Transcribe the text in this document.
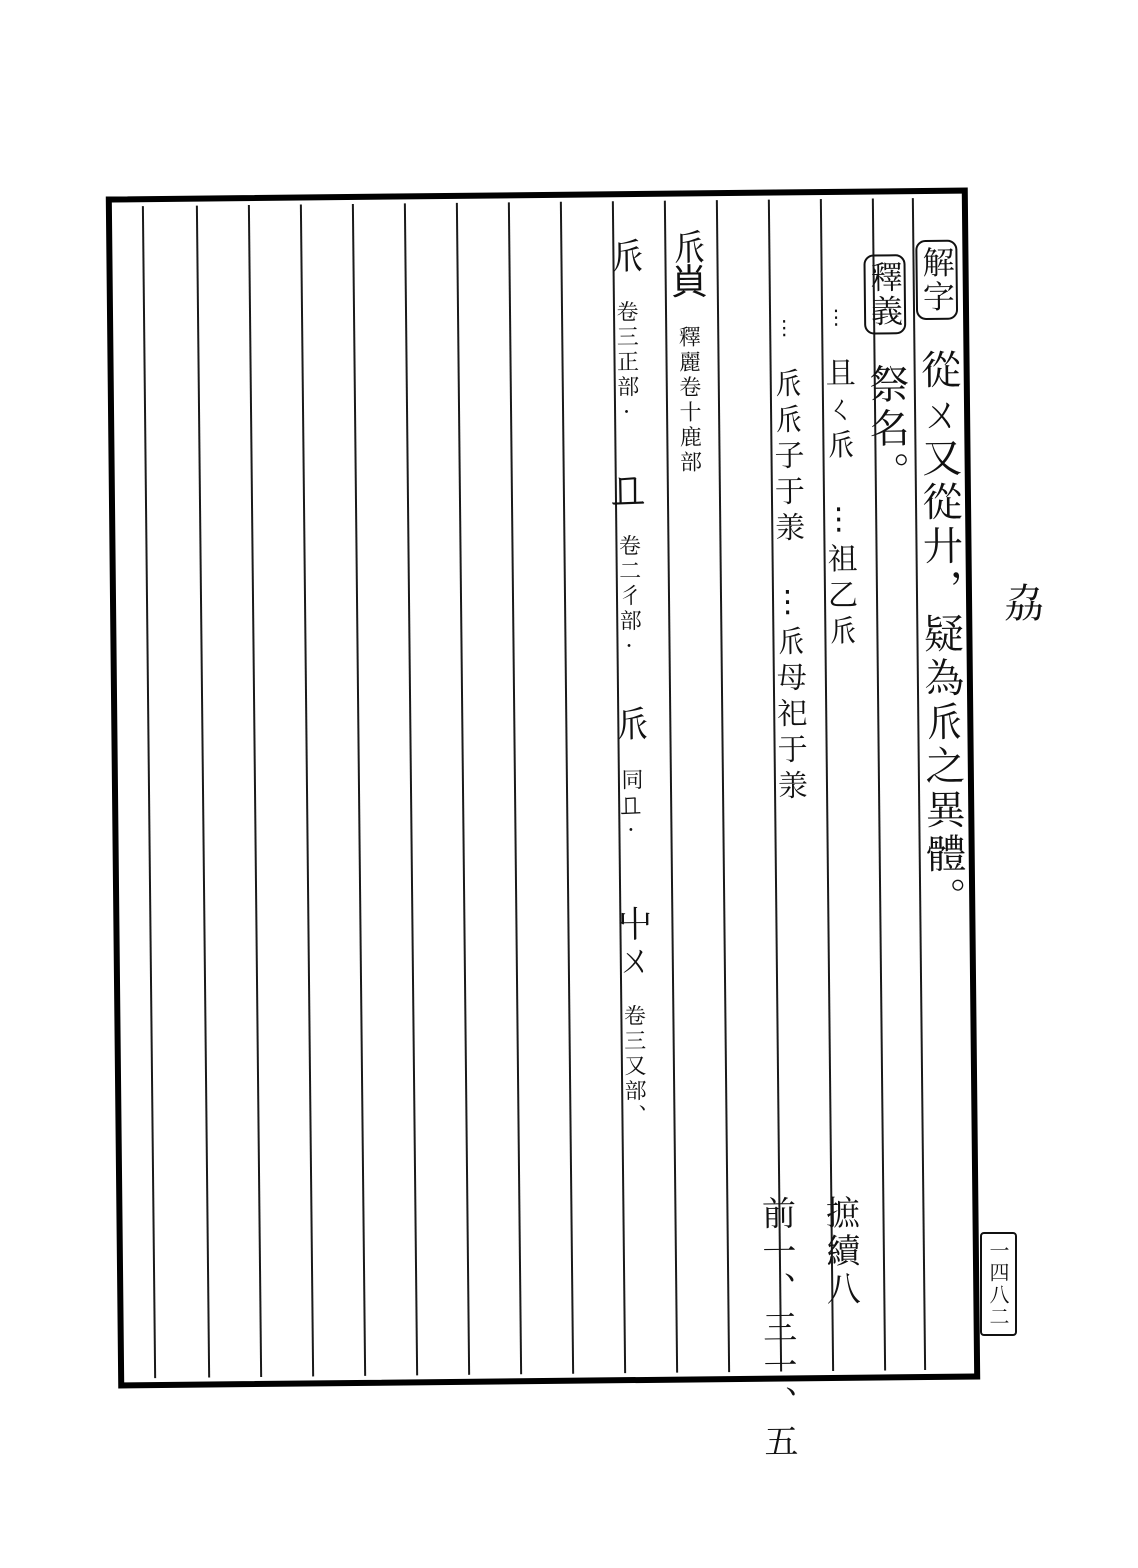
劦
一四八二
解字 從ㄨ又從廾，疑為𠂢之異體。
釋義 祭名。
⋮ 且ㄑ𠂢 ⋮祖乙𠂢
摭續八
⋮ 𠂢𠂢子于𣴎 ⋮𠂢母祀于𣴎
前一、三一、五
𠂢𧴪 釋麗卷十鹿部
𠂢 卷三正部· 𠀃 卷二彳部· 𠂢 同𠀃· 屮ㄨ 卷三又部、
